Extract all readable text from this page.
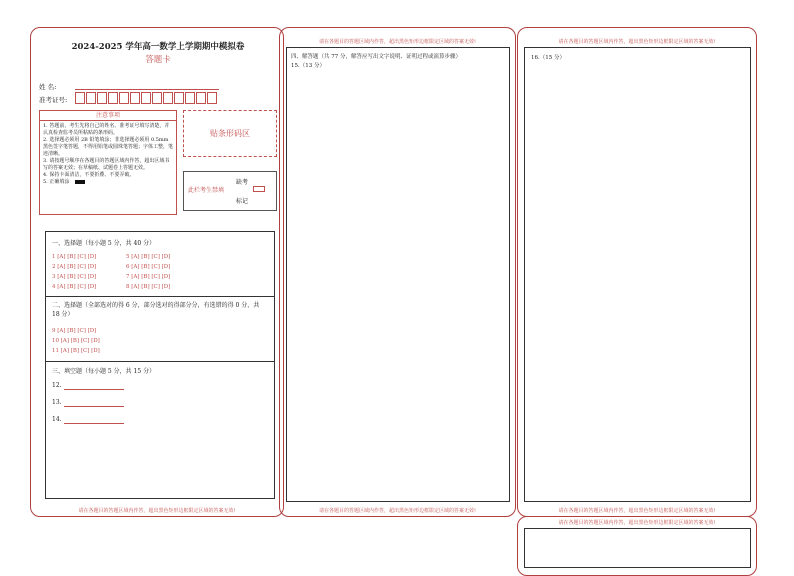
2024-2025 学年高一数学上学期期中模拟卷
答题卡
姓 名:
准考证号:
注意事项
1. 答题前，考生先将自己的姓名、准考证号填写清楚，并认真检查监考员所粘贴的条形码。
2. 选择题必须用 2B 铅笔填涂；非选择题必须用 0.5mm 黑色签字笔答题，不得用铅笔或圆珠笔答题；字体工整，笔迹清晰。
3. 请按题号顺序在各题目的答题区域内作答，超出区域书写的答案无效；在草稿纸、试题卷上答题无效。
4. 保持卡面清洁，不要折叠、不要弄破。
5. 正确填涂
贴条形码区
缺考
此栏考生禁填
标记
一、选择题（每小题 5 分，共 40 分）
1 [A] [B] [C] [D]
2 [A] [B] [C] [D]
3 [A] [B] [C] [D]
4 [A] [B] [C] [D]
5 [A] [B] [C] [D]
6 [A] [B] [C] [D]
7 [A] [B] [C] [D]
8 [A] [B] [C] [D]
二、选择题（全部选对的得 6 分，部分选对的得部分分，有选错的得 0 分，共 18 分）
9 [A] [B] [C] [D]
10 [A] [B] [C] [D]
11 [A] [B] [C] [D]
三、填空题（每小题 5 分，共 15 分）
12.
13.
14.
请在各题目的答题区域内作答，超出黑色矩形边框限定区域的答案无效!
请在各题目的答题区域内作答，超出黑色矩形边框限定区域的答案无效!
四、解答题（共 77 分，解答应写出文字说明、证明过程或演算步骤）
15.（13 分）
请在各题目的答题区域内作答，超出黑色矩形边框限定区域的答案无效!
请在各题目的答题区域内作答，超出黑色矩形边框限定区域的答案无效!
16.（15 分）
请在各题目的答题区域内作答，超出黑色矩形边框限定区域的答案无效!
请在各题目的答题区域内作答，超出黑色矩形边框限定区域的答案无效!
